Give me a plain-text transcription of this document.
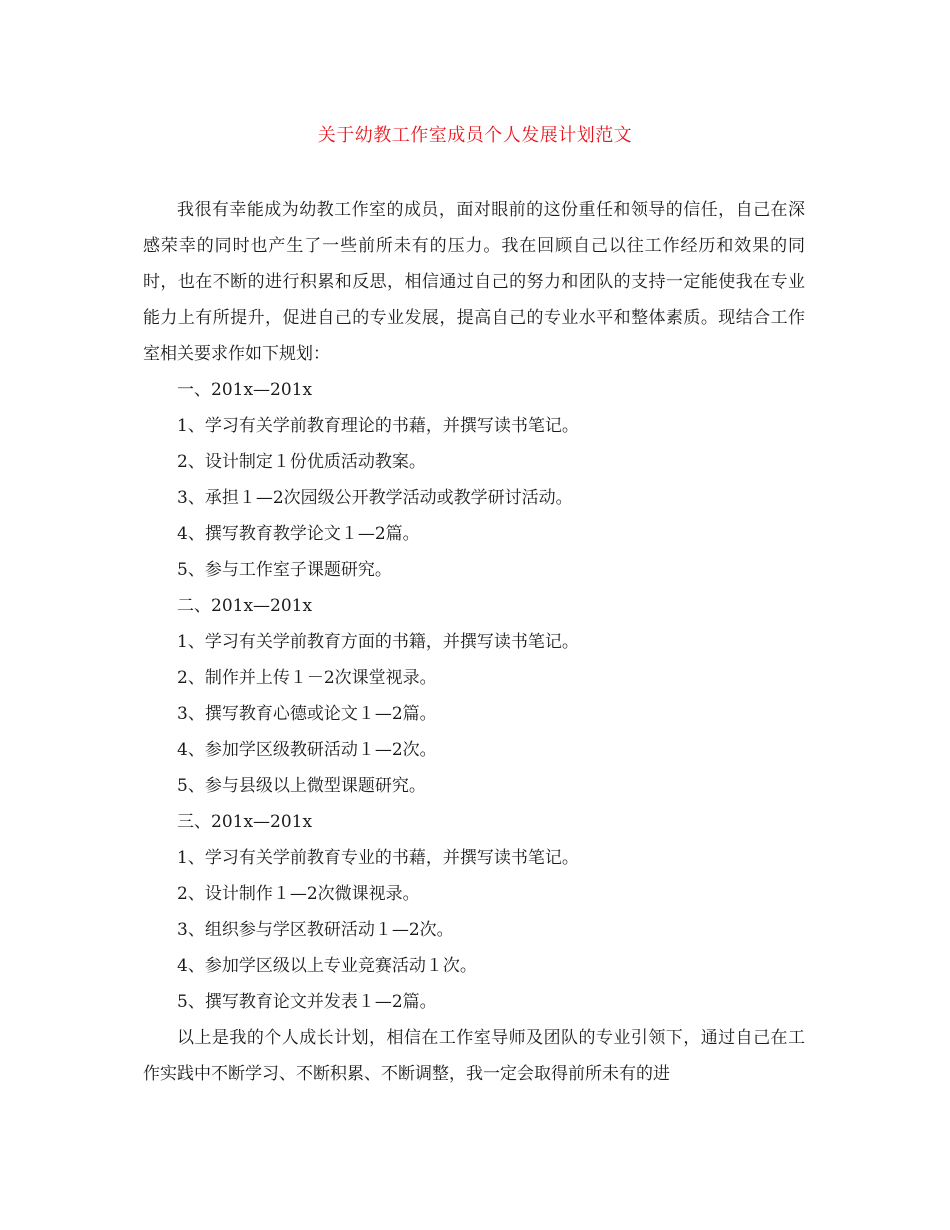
关于幼教工作室成员个人发展计划范文

我很有幸能成为幼教工作室的成员，面对眼前的这份重任和领导的信任，自己在深感荣幸的同时也产生了一些前所未有的压力。我在回顾自己以往工作经历和效果的同时，也在不断的进行积累和反思，相信通过自己的努力和团队的支持一定能使我在专业能力上有所提升，促进自己的专业发展，提高自己的专业水平和整体素质。现结合工作室相关要求作如下规划：

一、201x—201x

1、学习有关学前教育理论的书藉，并撰写读书笔记。

2、设计制定１份优质活动教案。

3、承担１—2次园级公开教学活动或教学研讨活动。

4、撰写教育教学论文１—2篇。

5、参与工作室子课题研究。

二、201x—201x

1、学习有关学前教育方面的书籍，并撰写读书笔记。

2、制作并上传１－2次课堂视录。

3、撰写教育心德或论文１—2篇。

4、参加学区级教研活动１—2次。

5、参与县级以上微型课题研究。

三、201x—201x

1、学习有关学前教育专业的书藉，并撰写读书笔记。

2、设计制作１—2次微课视录。

3、组织参与学区教研活动１—2次。

4、参加学区级以上专业竞赛活动１次。

5、撰写教育论文并发表１—2篇。

以上是我的个人成长计划，相信在工作室导师及团队的专业引领下，通过自己在工作实践中不断学习、不断积累、不断调整，我一定会取得前所未有的进
